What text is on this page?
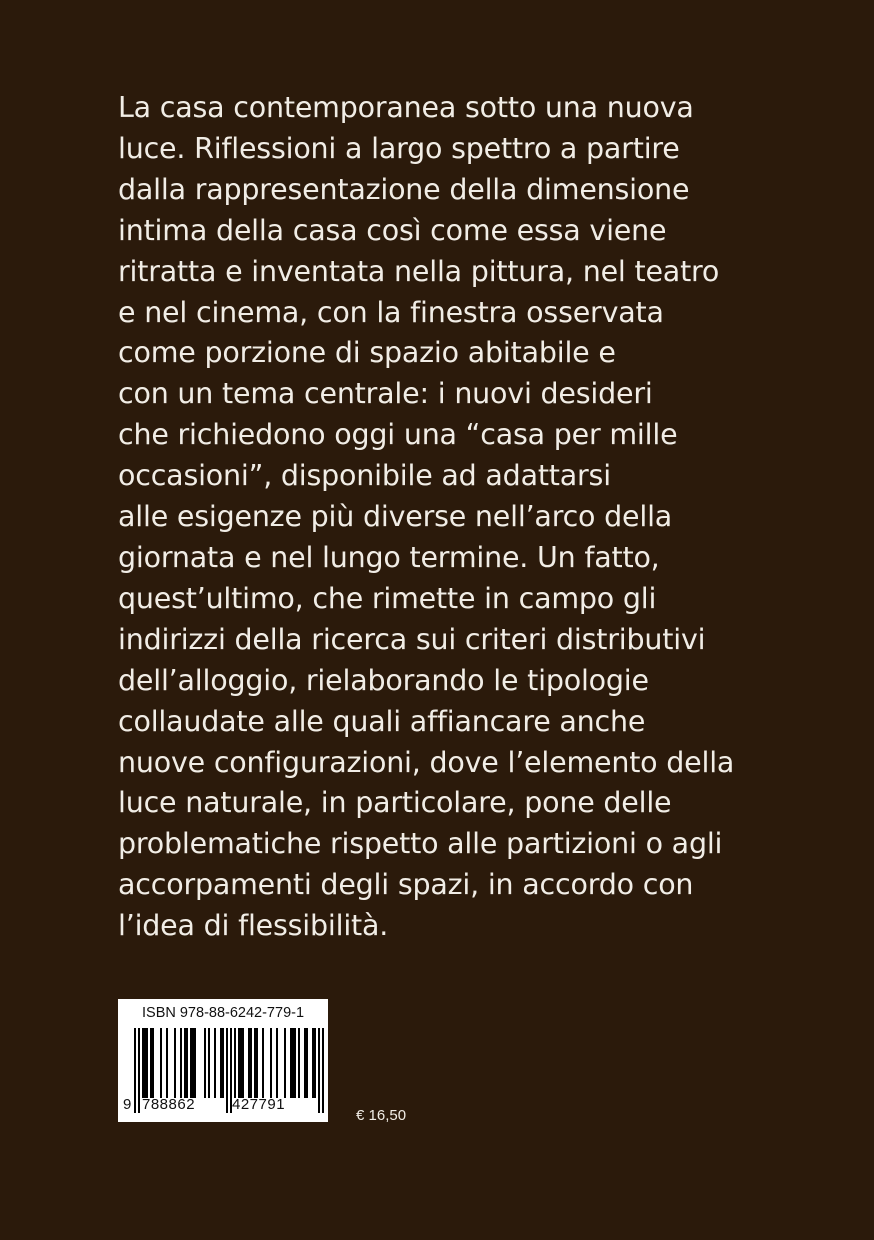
La casa contemporanea sotto una nuova
luce. Riflessioni a largo spettro a partire
dalla rappresentazione della dimensione
intima della casa così come essa viene
ritratta e inventata nella pittura, nel teatro
e nel cinema, con la finestra osservata
come porzione di spazio abitabile e
con un tema centrale: i nuovi desideri
che richiedono oggi una “casa per mille
occasioni”, disponibile ad adattarsi
alle esigenze più diverse nell’arco della
giornata e nel lungo termine. Un fatto,
quest’ultimo, che rimette in campo gli
indirizzi della ricerca sui criteri distributivi
dell’alloggio, rielaborando le tipologie
collaudate alle quali affiancare anche
nuove configurazioni, dove l’elemento della
luce naturale, in particolare, pone delle
problematiche rispetto alle partizioni o agli
accorpamenti degli spazi, in accordo con
l’idea di flessibilità.
ISBN 978-88-6242-779-1
9 788862	427791
€ 16,50
